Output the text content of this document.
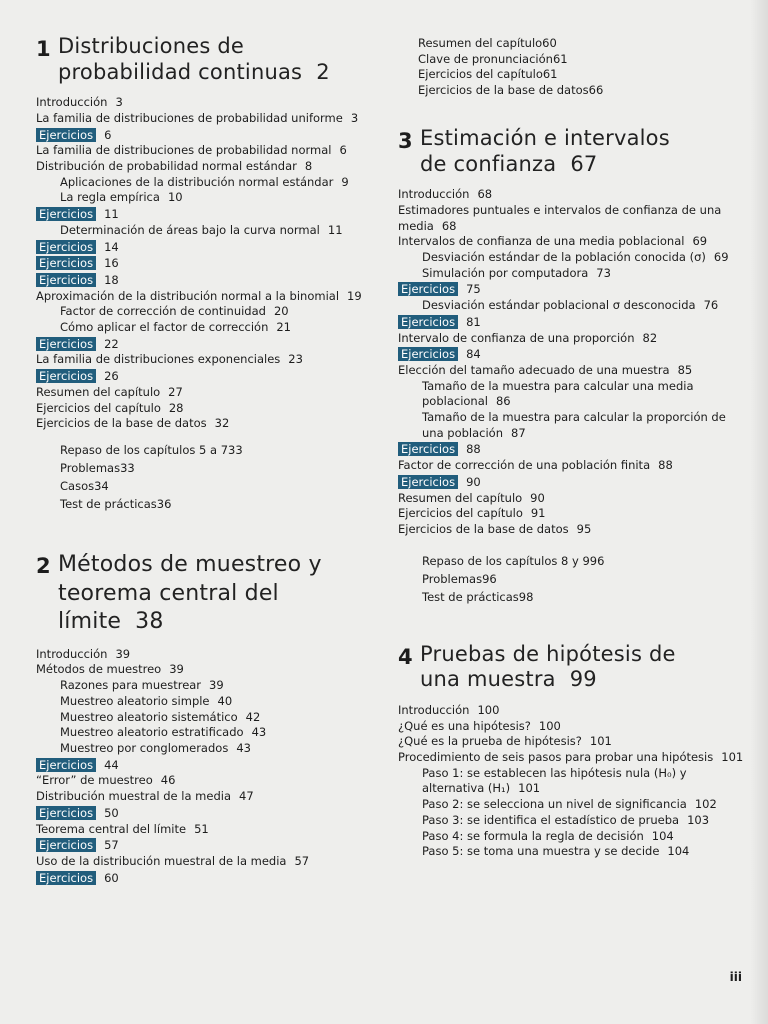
1 Distribuciones de
probabilidad continuas 2
Introducción 3
La familia de distribuciones de probabilidad uniforme 3
Ejercicios 6
La familia de distribuciones de probabilidad normal 6
Distribución de probabilidad normal estándar 8
Aplicaciones de la distribución normal estándar 9
La regla empírica 10
Ejercicios 11
Determinación de áreas bajo la curva normal 11
Ejercicios 14
Ejercicios 16
Ejercicios 18
Aproximación de la distribución normal a la binomial 19
Factor de corrección de continuidad 20
Cómo aplicar el factor de corrección 21
Ejercicios 22
La familia de distribuciones exponenciales 23
Ejercicios 26
Resumen del capítulo 27
Ejercicios del capítulo 28
Ejercicios de la base de datos 32
Repaso de los capítulos 5 a 733
Problemas33
Casos34
Test de prácticas36
2 Métodos de muestreo y
teorema central del
límite 38
Introducción 39
Métodos de muestreo 39
Razones para muestrear 39
Muestreo aleatorio simple 40
Muestreo aleatorio sistemático 42
Muestreo aleatorio estratificado 43
Muestreo por conglomerados 43
Ejercicios 44
“Error” de muestreo 46
Distribución muestral de la media 47
Ejercicios 50
Teorema central del límite 51
Ejercicios 57
Uso de la distribución muestral de la media 57
Ejercicios 60
Resumen del capítulo60
Clave de pronunciación61
Ejercicios del capítulo61
Ejercicios de la base de datos66
3 Estimación e intervalos
de confianza 67
Introducción 68
Estimadores puntuales e intervalos de confianza de una media 68
Intervalos de confianza de una media poblacional 69
Desviación estándar de la población conocida (σ) 69
Simulación por computadora 73
Ejercicios 75
Desviación estándar poblacional σ desconocida 76
Ejercicios 81
Intervalo de confianza de una proporción 82
Ejercicios 84
Elección del tamaño adecuado de una muestra 85
Tamaño de la muestra para calcular una media poblacional 86
Tamaño de la muestra para calcular la proporción de una población 87
Ejercicios 88
Factor de corrección de una población finita 88
Ejercicios 90
Resumen del capítulo 90
Ejercicios del capítulo 91
Ejercicios de la base de datos 95
Repaso de los capítulos 8 y 996
Problemas96
Test de prácticas98
4 Pruebas de hipótesis de
una muestra 99
Introducción 100
¿Qué es una hipótesis? 100
¿Qué es la prueba de hipótesis? 101
Procedimiento de seis pasos para probar una hipótesis 101
Paso 1: se establecen las hipótesis nula (H₀) y alternativa (H₁) 101
Paso 2: se selecciona un nivel de significancia 102
Paso 3: se identifica el estadístico de prueba 103
Paso 4: se formula la regla de decisión 104
Paso 5: se toma una muestra y se decide 104
iii
